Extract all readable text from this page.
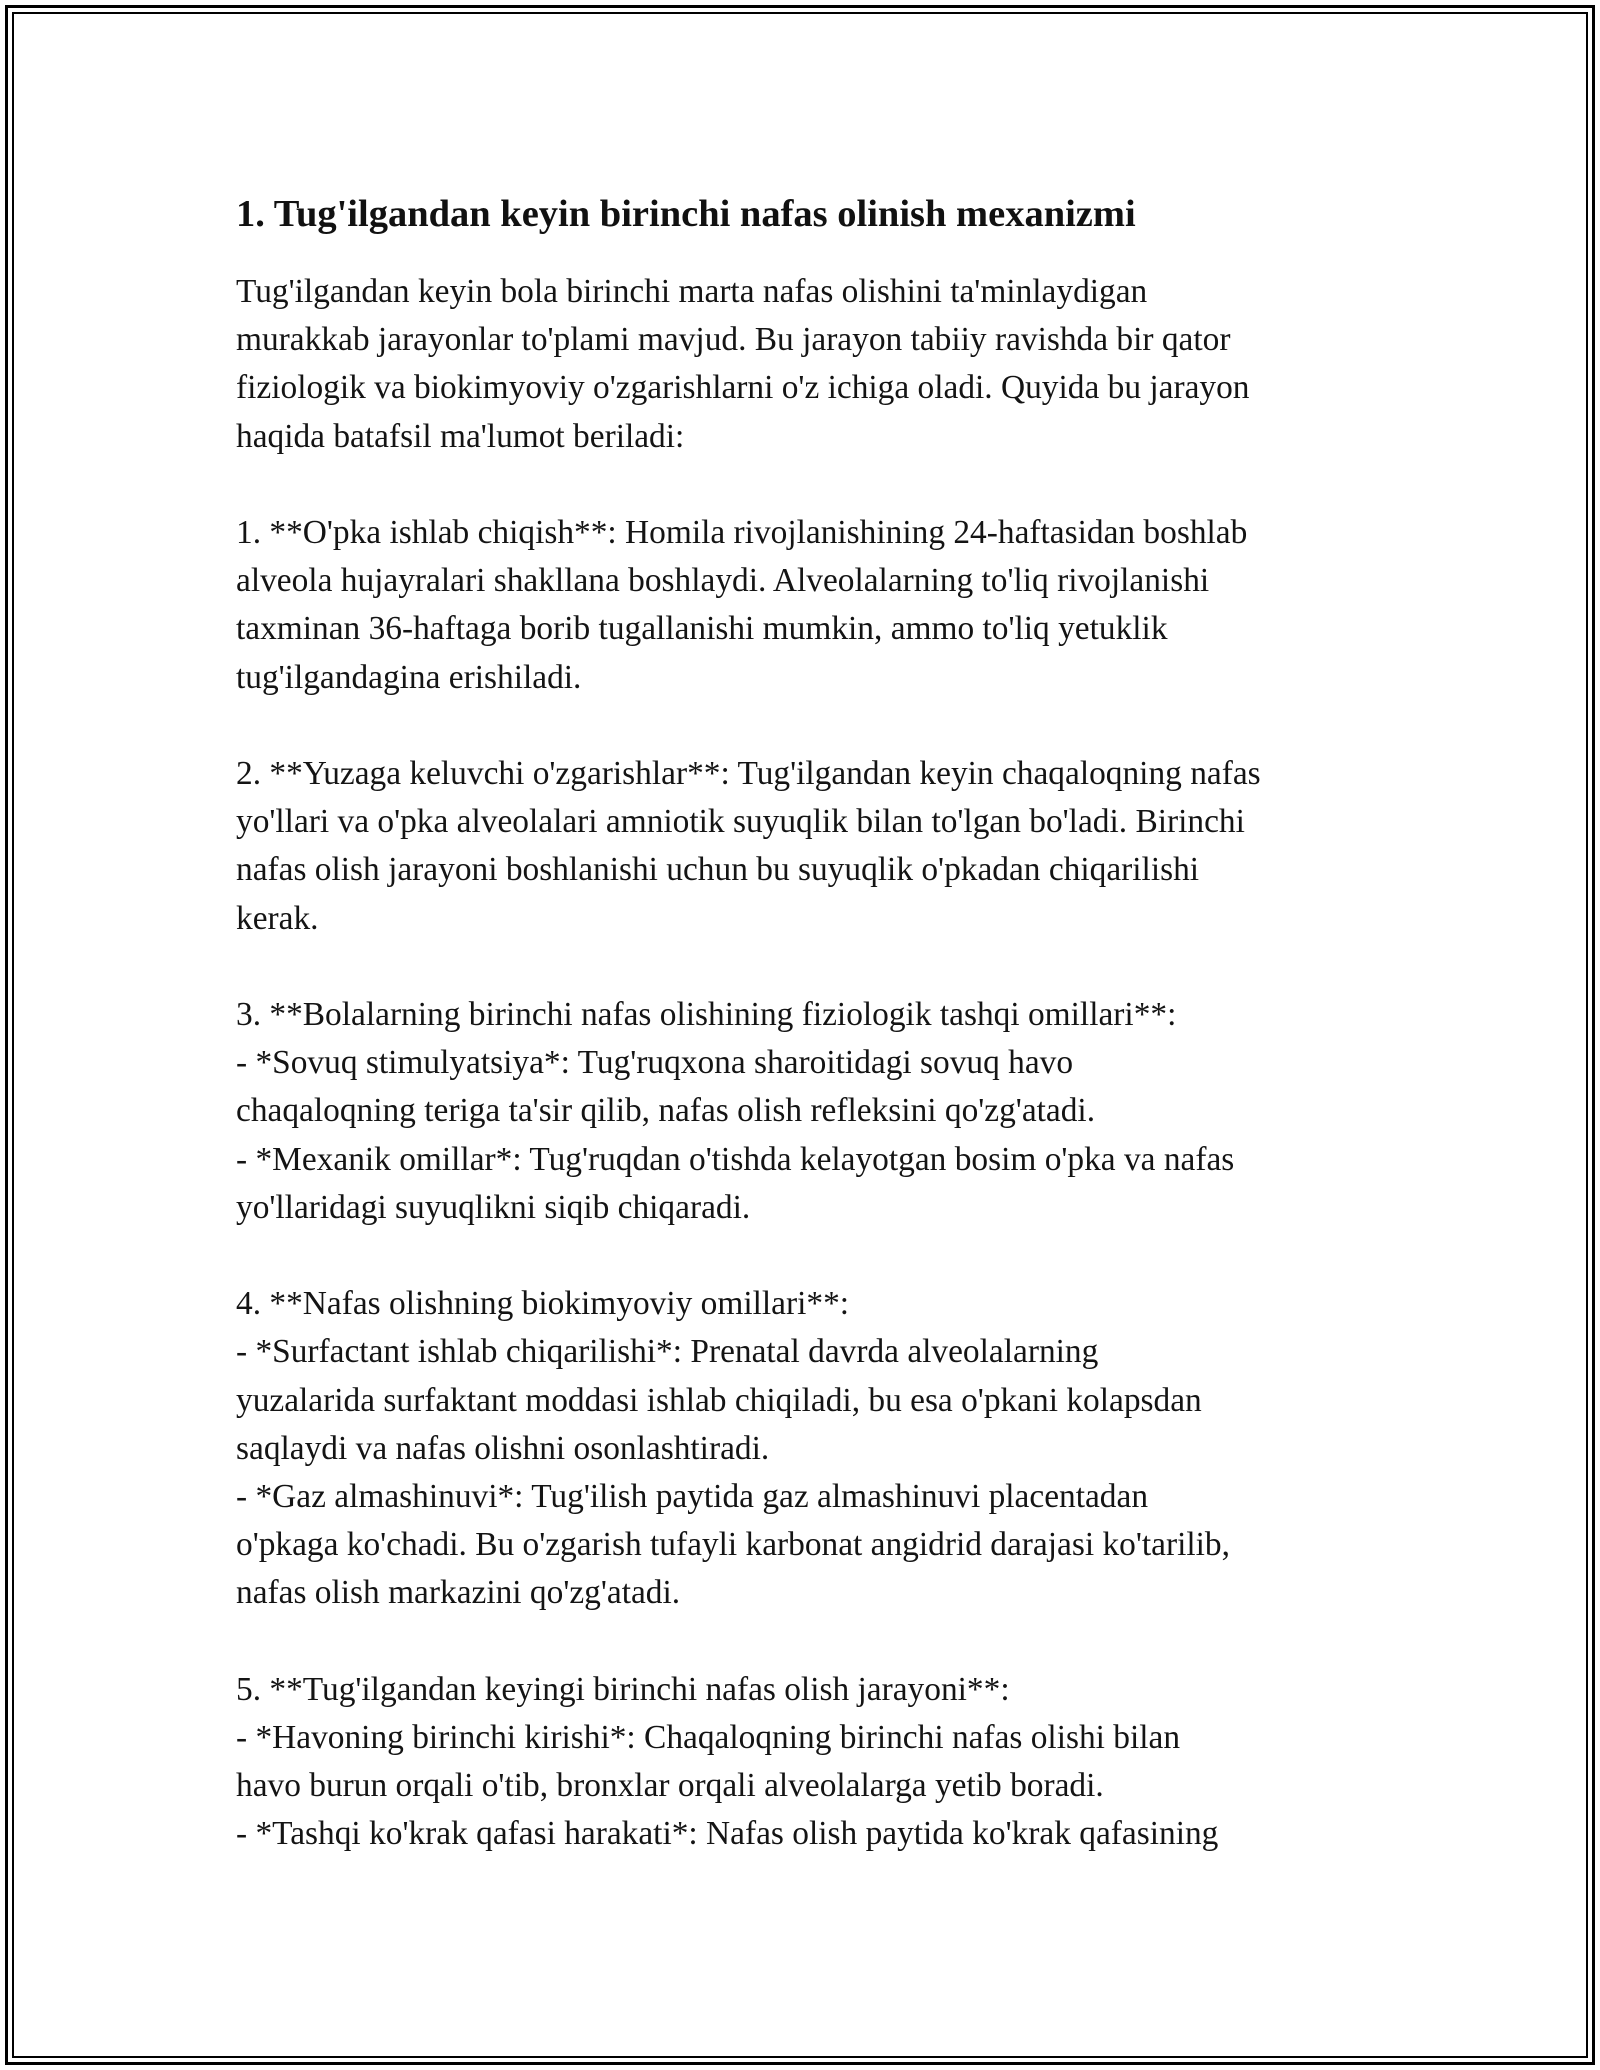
1. Tug'ilgandan keyin birinchi nafas olinish mexanizmi

Tug'ilgandan keyin bola birinchi marta nafas olishini ta'minlaydigan
murakkab jarayonlar to'plami mavjud. Bu jarayon tabiiy ravishda bir qator
fiziologik va biokimyoviy o'zgarishlarni o'z ichiga oladi. Quyida bu jarayon
haqida batafsil ma'lumot beriladi:

1. **O'pka ishlab chiqish**: Homila rivojlanishining 24-haftasidan boshlab
alveola hujayralari shakllana boshlaydi. Alveolalarning to'liq rivojlanishi
taxminan 36-haftaga borib tugallanishi mumkin, ammo to'liq yetuklik
tug'ilgandagina erishiladi.

2. **Yuzaga keluvchi o'zgarishlar**: Tug'ilgandan keyin chaqaloqning nafas
yo'llari va o'pka alveolalari amniotik suyuqlik bilan to'lgan bo'ladi. Birinchi
nafas olish jarayoni boshlanishi uchun bu suyuqlik o'pkadan chiqarilishi
kerak.

3. **Bolalarning birinchi nafas olishining fiziologik tashqi omillari**:
- *Sovuq stimulyatsiya*: Tug'ruqxona sharoitidagi sovuq havo
chaqaloqning teriga ta'sir qilib, nafas olish refleksini qo'zg'atadi.
- *Mexanik omillar*: Tug'ruqdan o'tishda kelayotgan bosim o'pka va nafas
yo'llaridagi suyuqlikni siqib chiqaradi.

4. **Nafas olishning biokimyoviy omillari**:
- *Surfactant ishlab chiqarilishi*: Prenatal davrda alveolalarning
yuzalarida surfaktant moddasi ishlab chiqiladi, bu esa o'pkani kolapsdan
saqlaydi va nafas olishni osonlashtiradi.
- *Gaz almashinuvi*: Tug'ilish paytida gaz almashinuvi placentadan
o'pkaga ko'chadi. Bu o'zgarish tufayli karbonat angidrid darajasi ko'tarilib,
nafas olish markazini qo'zg'atadi.

5. **Tug'ilgandan keyingi birinchi nafas olish jarayoni**:
- *Havoning birinchi kirishi*: Chaqaloqning birinchi nafas olishi bilan
havo burun orqali o'tib, bronxlar orqali alveolalarga yetib boradi.
- *Tashqi ko'krak qafasi harakati*: Nafas olish paytida ko'krak qafasining
